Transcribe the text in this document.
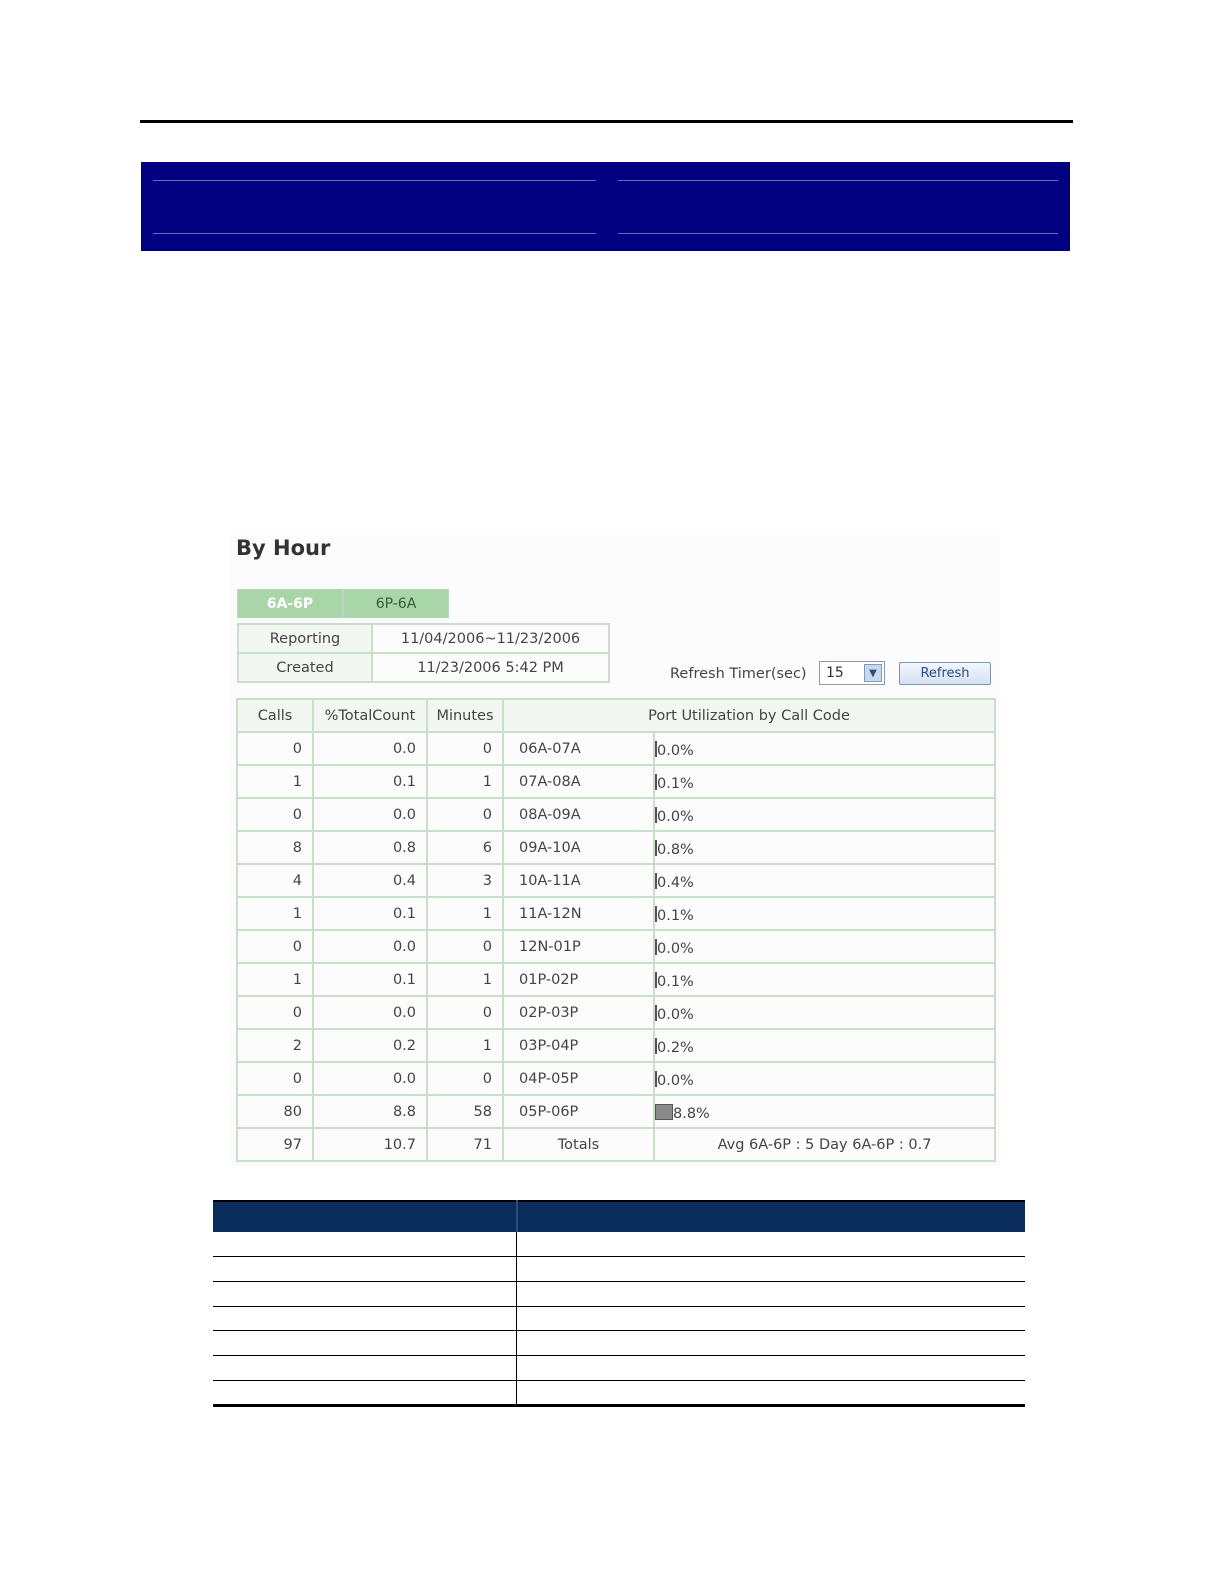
By Hour
6A-6P	6P-6A
Reporting	11/04/2006~11/23/2006
Created	11/23/2006 5:42 PM	Refresh Timer(sec) 15	▼	Refresh
Calls	%TotalCount	Minutes	Port Utilization by Call Code	
0	0.0	0	06A-07A	0.0%
1	0.1	1	07A-08A	0.1%
0	0.0	0	08A-09A	0.0%
8	0.8	6	09A-10A	0.8%
4	0.4	3	10A-11A	0.4%
1	0.1	1	11A-12N	0.1%
0	0.0	0	12N-01P	0.0%
1	0.1	1	01P-02P	0.1%
0	0.0	0	02P-03P	0.0%
2	0.2	1	03P-04P	0.2%
0	0.0	0	04P-05P	0.0%
80	8.8	58	05P-06P	8.8%
97	10.7	71	Totals	Avg 6A-6P : 5 Day 6A-6P : 0.7
